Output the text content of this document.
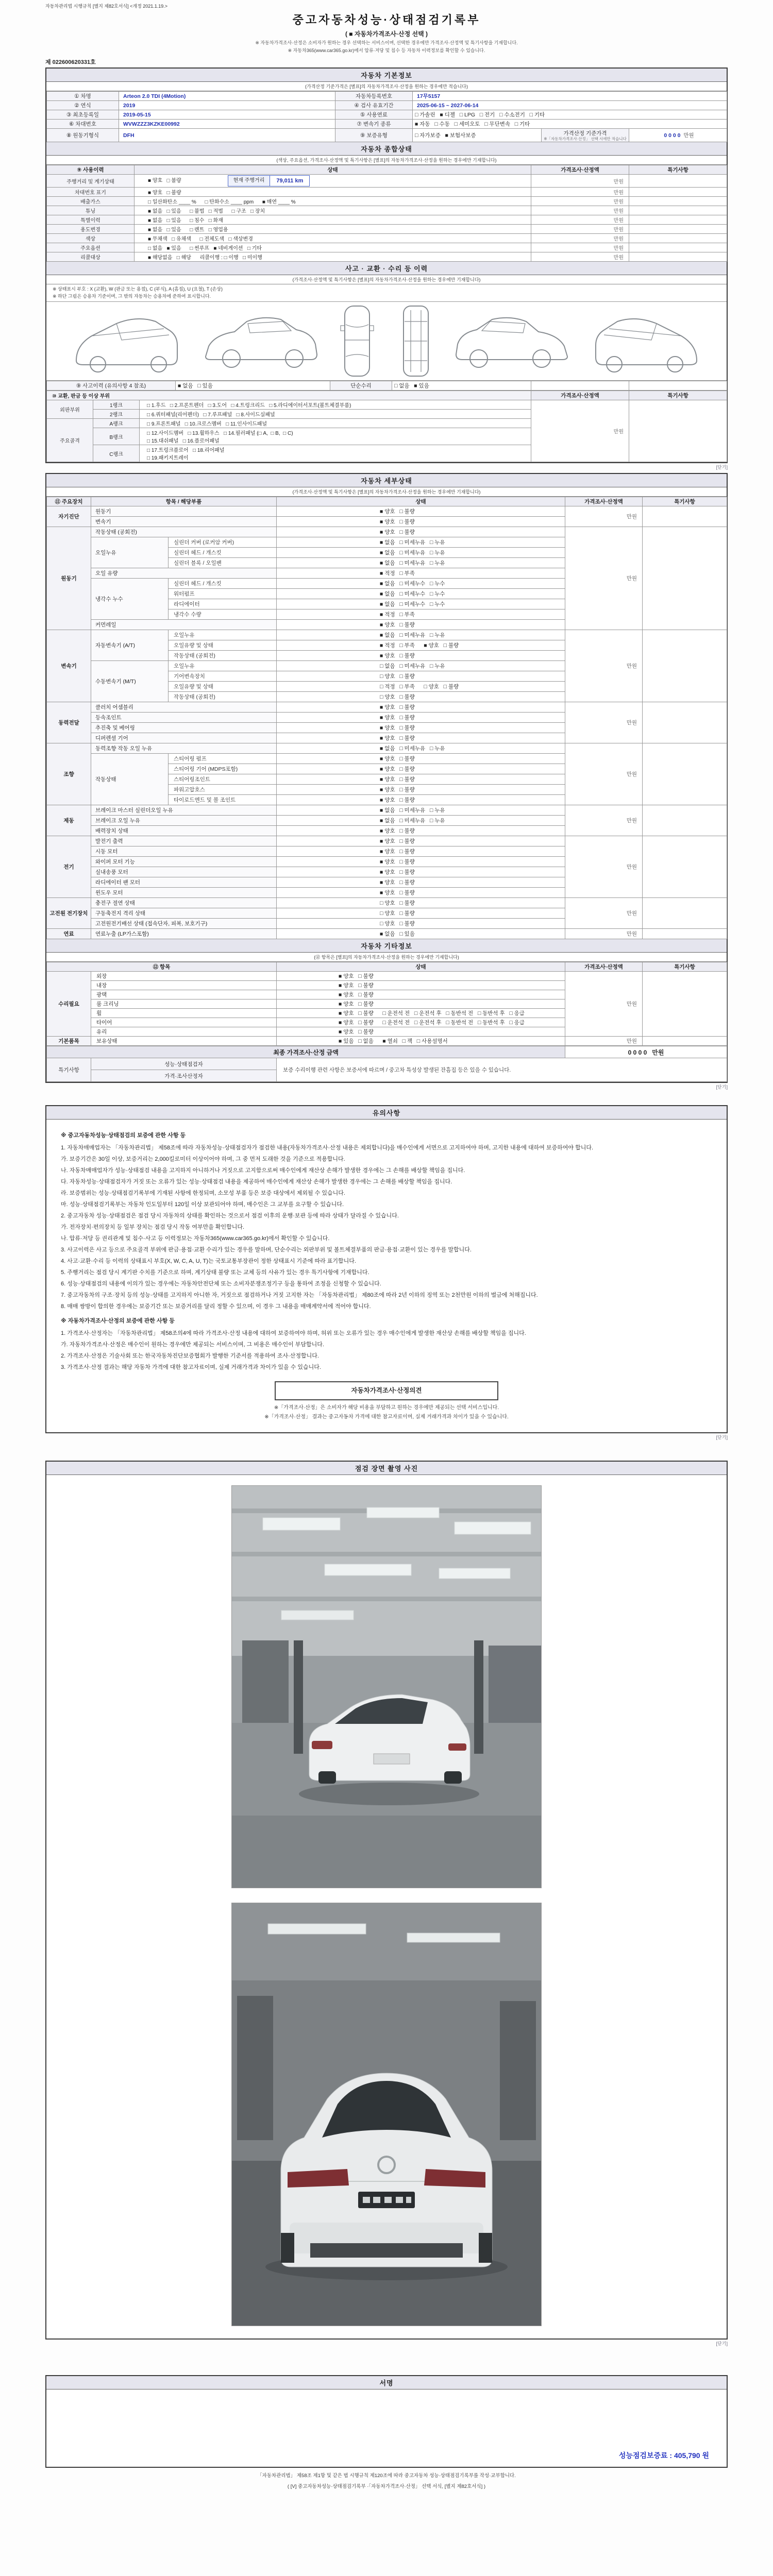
자동차관리법 시행규칙 [별지 제82호서식] <개정 2021.1.19.>
중고자동차성능·상태점검기록부
( ■ 자동차가격조사·산정 선택 )
※ 자동차가격조사·산정은 소비자가 원하는 경우 선택하는 서비스이며, 선택한 경우에만 가격조사·산정액 및 특기사항을 기재합니다.
※ 자동차365(www.car365.go.kr)에서 압류·저당 및 침수 등 자동차 이력정보를 확인할 수 있습니다.
제 022600620331호
자동차 기본정보
(가격산정 기준가격은 [별표]의 자동차가격조사·산정을 원하는 경우에만 적습니다)
① 차명	Arteon 2.0 TDI (4Motion)	자동차등록번호	17무5157		
② 연식	2019	④ 검사 유효기간	2025-06-15 ~ 2027-06-14		
③ 최초등록일	2019-05-15	⑤ 사용연료	□ 가솔린   ■ 디젤   □ LPG   □ 전기   □ 수소전기   □ 기타		
⑥ 차대번호	WVWZZZ3KZKE00992	⑦ 변속기 종류	■ 자동   □ 수동   □ 세미오토   □ 무단변속   □ 기타		
⑧ 원동기형식	DFH	⑨ 보증유형	□ 자가보증   ■ 보험사보증	가격산정 기준가격
※「자동차가격조사·산정」 선택 시에만 적습니다	0 0 0 0 만원
자동차 종합상태
(색상, 주요옵션, 가격조사·산정액 및 특기사항은 [별표]의 자동차가격조사·산정을 원하는 경우에만 기재합니다)
⑨ 사용이력	상태	가격조사·산정액	특기사항
주행거리 및 계기상태	■ 양호   □ 불량 현재 주행거리 79,011 km	만원	
차대번호 표기	■ 양호   □ 불량	만원	
배출가스	□ 일산화탄소 ____ %      □ 탄화수소 ____ ppm      ■ 매연 ____ %	만원	
튜닝	■ 없음   □ 있음      □ 불법   □ 적법      □ 구조   □ 장치	만원	
특별이력	■ 없음   □ 있음      □ 침수   □ 화재	만원	
용도변경	■ 없음   □ 있음      □ 렌트   □ 영업용	만원	
색상	■ 무채색   □ 유채색      □ 전체도색   □ 색상변경	만원	
주요옵션	□ 없음   ■ 있음      □ 썬루프   ■ 네비게이션   □ 기타	만원	
리콜대상	■ 해당없음   □ 해당      리콜이행 : □ 이행   □ 미이행	만원	
사고 · 교환 · 수리 등 이력
(가격조사·산정액 및 특기사항은 [별표]의 자동차가격조사·산정을 원하는 경우에만 기재합니다)
※ 상태표시 부호 : X (교환), W (판금 또는 용접), C (부식), A (흠집), U (요철), T (손상)
※ 하단 그림은 승용차 기준이며, 그 밖의 자동차는 승용차에 준하여 표시합니다.
⑨ 사고이력 (유의사항 4 참조)	■ 없음   □ 있음	단순수리	□ 없음   ■ 있음		
⑩ 교환, 판금 등 이상 부위			가격조사·산정액	특기사항
외판부위	1랭크	□ 1.후드   □ 2.프론트펜더   □ 3.도어   □ 4.트렁크리드   □ 5.라디에이터서포트(볼트체결부품)	만원	
	2랭크	□ 6.쿼터패널(리어펜더)   □ 7.루프패널   □ 8.사이드실패널		

주요골격	A랭크	□ 9.프론트패널   □ 10.크로스멤버   □ 11.인사이드패널		

	B랭크	□ 12.사이드멤버   □ 13.휠하우스   □ 14.필러패널 (□ A,  □ B,  □ C)
□ 15.대쉬패널   □ 16.플로어패널		

	C랭크	□ 17.트렁크플로어   □ 18.리어패널
□ 19.패키지트레이		
[닫기]
자동차 세부상태
(가격조사·산정액 및 특기사항은 [별표]의 자동차가격조사·산정을 원하는 경우에만 기재합니다)
⑪ 주요장치	항목 / 해당부품		상태	가격조사·산정액	특기사항
자기진단	원동기		■ 양호   □ 불량	만원	
	변속기		■ 양호   □ 불량		
원동기	작동상태 (공회전)		■ 양호   □ 불량	만원	
	오일누유	실린더 커버 (로커암 커버)	■ 없음   □ 미세누유   □ 누유		
		실린더 헤드 / 개스킷	■ 없음   □ 미세누유   □ 누유		
		실린더 블록 / 오일팬	■ 없음   □ 미세누유   □ 누유		
	오일 유량		■ 적정   □ 부족		
	냉각수 누수	실린더 헤드 / 개스킷	■ 없음   □ 미세누수   □ 누수		
		워터펌프	■ 없음   □ 미세누수   □ 누수		
		라디에이터	■ 없음   □ 미세누수   □ 누수		
		냉각수 수량	■ 적정   □ 부족		
	커먼레일		■ 양호   □ 불량		
변속기	자동변속기 (A/T)	오일누유	■ 없음   □ 미세누유   □ 누유	만원	
		오일유량 및 상태	■ 적정   □ 부족      ■ 양호   □ 불량		
		작동상태 (공회전)	■ 양호   □ 불량		
	수동변속기 (M/T)	오일누유	□ 없음   □ 미세누유   □ 누유		
		기어변속장치	□ 양호   □ 불량		
		오일유량 및 상태	□ 적정   □ 부족      □ 양호   □ 불량		
		작동상태 (공회전)	□ 양호   □ 불량		
동력전달	클러치 어셈블리		■ 양호   □ 불량	만원	
	등속조인트		■ 양호   □ 불량		
	추진축 및 베어링		■ 양호   □ 불량		
	디퍼렌셜 기어		■ 양호   □ 불량		
조향	동력조향 작동 오일 누유		■ 없음   □ 미세누유   □ 누유	만원	
	작동상태	스티어링 펌프	■ 양호   □ 불량		
		스티어링 기어 (MDPS포함)	■ 양호   □ 불량		
		스티어링조인트	■ 양호   □ 불량		
		파워고압호스	■ 양호   □ 불량		
		타이로드엔드 및 볼 조인트	■ 양호   □ 불량		
제동	브레이크 마스터 실린더오일 누유		■ 없음   □ 미세누유   □ 누유	만원	
	브레이크 오일 누유		■ 없음   □ 미세누유   □ 누유		
	배력장치 상태		■ 양호   □ 불량		
전기	발전기 출력		■ 양호   □ 불량	만원	
	시동 모터		■ 양호   □ 불량		
	와이퍼 모터 기능		■ 양호   □ 불량		
	실내송풍 모터		■ 양호   □ 불량		
	라디에이터 팬 모터		■ 양호   □ 불량		
	윈도우 모터		■ 양호   □ 불량		
고전원 전기장치	충전구 절연 상태		□ 양호   □ 불량	만원	
	구동축전지 격리 상태		□ 양호   □ 불량		
	고전원전기배선 상태 (접속단자, 피복, 보호기구)		□ 양호   □ 불량		
연료	연료누출 (LP가스포함)		■ 없음   □ 있음	만원	
자동차 기타정보
(⑫ 항목은 [별표]의 자동차가격조사·산정을 원하는 경우에만 기재합니다)
⑫ 항목		상태	가격조사·산정액	특기사항
수리필요	외장	■ 양호   □ 불량	만원	
	내장	■ 양호   □ 불량		
	광택	■ 양호   □ 불량		
	룸 크리닝	■ 양호   □ 불량		
	휠	■ 양호   □ 불량      □ 운전석 전   □ 운전석 후   □ 동반석 전   □ 동반석 후   □ 응급		
	타이어	■ 양호   □ 불량      □ 운전석 전   □ 운전석 후   □ 동반석 전   □ 동반석 후   □ 응급		
	유리	■ 양호   □ 불량		
기본품목	보유상태	■ 있음   □ 없음      ■ 열쇠   □ 잭   □ 사용설명서	만원	
최종 가격조사·산정 금액			0 0 0 0 만원
특기사항	성능·상태점검자	보증 수리이행 관련 사항은 보증서에 따르며 / 중고차 특성상 발생된 잔흠집 등은 있을 수 있습니다.	
	가격·조사산정자		
[닫기]
유의사항

※ 중고자동차성능·상태점검의 보증에 관한 사항 등

1. 자동차매매업자는 「자동차관리법」 제58조에 따라 자동차성능·상태점검자가 점검한 내용(자동차가격조사·산정 내용은 제외합니다)을 매수인에게 서면으로 고지하여야 하며, 고지한 내용에 대하여 보증하여야 합니다.

가. 보증기간은 30일 이상, 보증거리는 2,000킬로미터 이상이어야 하며, 그 중 먼저 도래한 것을 기준으로 적용합니다.

나. 자동차매매업자가 성능·상태점검 내용을 고지하지 아니하거나 거짓으로 고지함으로써 매수인에게 재산상 손해가 발생한 경우에는 그 손해를 배상할 책임을 집니다.

다. 자동차성능·상태점검자가 거짓 또는 오류가 있는 성능·상태점검 내용을 제공하여 매수인에게 재산상 손해가 발생한 경우에는 그 손해를 배상할 책임을 집니다.

라. 보증범위는 성능·상태점검기록부에 기재된 사항에 한정되며, 소모성 부품 등은 보증 대상에서 제외될 수 있습니다.

마. 성능·상태점검기록부는 자동차 인도일부터 120일 이상 보관되어야 하며, 매수인은 그 교부를 요구할 수 있습니다.

2. 중고자동차 성능·상태점검은 점검 당시 자동차의 상태를 확인하는 것으로서 점검 이후의 운행·보관 등에 따라 상태가 달라질 수 있습니다.

가. 전자장치·편의장치 등 일부 장치는 점검 당시 작동 여부만을 확인합니다.

나. 압류·저당 등 권리관계 및 침수·사고 등 이력정보는 자동차365(www.car365.go.kr)에서 확인할 수 있습니다.

3. 사고이력은 사고 등으로 주요골격 부위에 판금·용접·교환 수리가 있는 경우를 말하며, 단순수리는 외판부위 및 볼트체결부품의 판금·용접·교환이 있는 경우를 말합니다.

4. 사고·교환·수리 등 이력의 상태표시 부호(X, W, C, A, U, T)는 국토교통부장관이 정한 상태표시 기준에 따라 표기합니다.

5. 주행거리는 점검 당시 계기판 수치를 기준으로 하며, 계기상태 불량 또는 교체 등의 사유가 있는 경우 특기사항에 기재합니다.

6. 성능·상태점검의 내용에 이의가 있는 경우에는 자동차안전단체 또는 소비자분쟁조정기구 등을 통하여 조정을 신청할 수 있습니다.

7. 중고자동차의 구조·장치 등의 성능·상태를 고지하지 아니한 자, 거짓으로 점검하거나 거짓 고지한 자는 「자동차관리법」 제80조에 따라 2년 이하의 징역 또는 2천만원 이하의 벌금에 처해집니다.

8. 매매 쌍방이 합의한 경우에는 보증기간 또는 보증거리를 달리 정할 수 있으며, 이 경우 그 내용을 매매계약서에 적어야 합니다.

※ 자동차가격조사·산정의 보증에 관한 사항 등

1. 가격조사·산정자는 「자동차관리법」 제58조의4에 따라 가격조사·산정 내용에 대하여 보증하여야 하며, 허위 또는 오류가 있는 경우 매수인에게 발생한 재산상 손해를 배상할 책임을 집니다.

가. 자동차가격조사·산정은 매수인이 원하는 경우에만 제공되는 서비스이며, 그 비용은 매수인이 부담합니다.

2. 가격조사·산정은 기술사회 또는 한국자동차진단보증협회가 발행한 기준서를 적용하여 조사·산정합니다.

3. 가격조사·산정 결과는 해당 자동차 가격에 대한 참고자료이며, 실제 거래가격과 차이가 있을 수 있습니다.

자동차가격조사·산정의견
※「가격조사·산정」은 소비자가 해당 비용을 부담하고 원하는 경우에만 제공되는 선택 서비스입니다.
※「가격조사·산정」 결과는 중고자동차 가격에 대한 참고자료이며, 실제 거래가격과 차이가 있을 수 있습니다.
[닫기]
점검 장면 촬영 사진
[닫기]
서명
성능점검보증료 : 405,790 원
「자동차관리법」 제58조 제1항 및 같은 법 시행규칙 제120조에 따라 중고자동차 성능·상태점검기록부를 작성·교부합니다.
( [V] 중고자동차성능·상태점검기록부 ·「자동차가격조사·산정」 선택 서식, [별지 제82호서식] )
